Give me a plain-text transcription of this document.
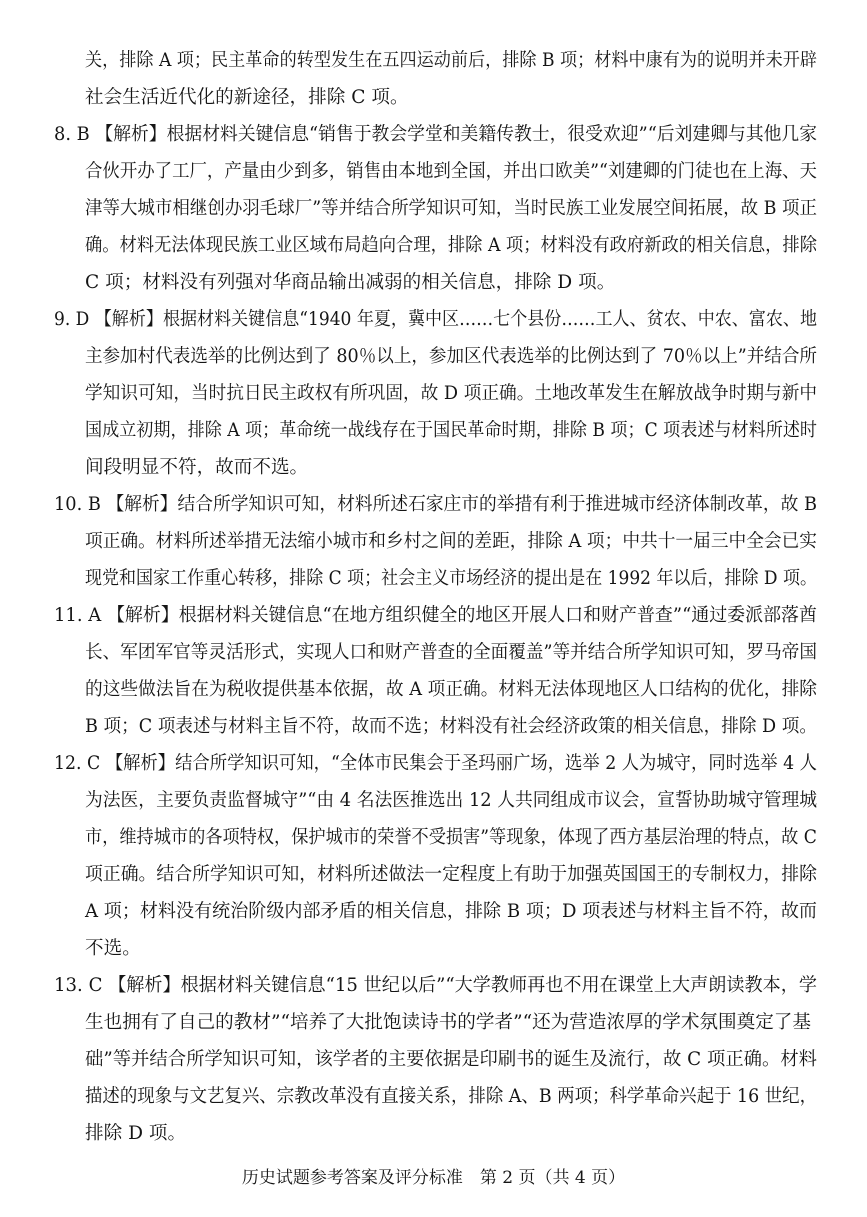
关，排除 A 项；民主革命的转型发生在五四运动前后，排除 B 项；材料中康有为的说明并未开辟
社会生活近代化的新途径，排除 C 项。
8. B 【解析】根据材料关键信息“销售于教会学堂和美籍传教士，很受欢迎”“后刘建卿与其他几家
合伙开办了工厂，产量由少到多，销售由本地到全国，并出口欧美”“刘建卿的门徒也在上海、天
津等大城市相继创办羽毛球厂”等并结合所学知识可知，当时民族工业发展空间拓展，故 B 项正
确。材料无法体现民族工业区域布局趋向合理，排除 A 项；材料没有政府新政的相关信息，排除
C 项；材料没有列强对华商品输出减弱的相关信息，排除 D 项。
9. D 【解析】根据材料关键信息“1940 年夏，冀中区……七个县份……工人、贫农、中农、富农、地
主参加村代表选举的比例达到了 80％以上，参加区代表选举的比例达到了 70％以上”并结合所
学知识可知，当时抗日民主政权有所巩固，故 D 项正确。土地改革发生在解放战争时期与新中
国成立初期，排除 A 项；革命统一战线存在于国民革命时期，排除 B 项；C 项表述与材料所述时
间段明显不符，故而不选。
10. B 【解析】结合所学知识可知，材料所述石家庄市的举措有利于推进城市经济体制改革，故 B
项正确。材料所述举措无法缩小城市和乡村之间的差距，排除 A 项；中共十一届三中全会已实
现党和国家工作重心转移，排除 C 项；社会主义市场经济的提出是在 1992 年以后，排除 D 项。
11. A 【解析】根据材料关键信息“在地方组织健全的地区开展人口和财产普查”“通过委派部落酋
长、军团军官等灵活形式，实现人口和财产普查的全面覆盖”等并结合所学知识可知，罗马帝国
的这些做法旨在为税收提供基本依据，故 A 项正确。材料无法体现地区人口结构的优化，排除
B 项；C 项表述与材料主旨不符，故而不选；材料没有社会经济政策的相关信息，排除 D 项。
12. C 【解析】结合所学知识可知，“全体市民集会于圣玛丽广场，选举 2 人为城守，同时选举 4 人
为法医，主要负责监督城守”“由 4 名法医推选出 12 人共同组成市议会，宣誓协助城守管理城
市，维持城市的各项特权，保护城市的荣誉不受损害”等现象，体现了西方基层治理的特点，故 C
项正确。结合所学知识可知，材料所述做法一定程度上有助于加强英国国王的专制权力，排除
A 项；材料没有统治阶级内部矛盾的相关信息，排除 B 项；D 项表述与材料主旨不符，故而
不选。
13. C 【解析】根据材料关键信息“15 世纪以后”“大学教师再也不用在课堂上大声朗读教本，学
生也拥有了自己的教材”“培养了大批饱读诗书的学者”“还为营造浓厚的学术氛围奠定了基
础”等并结合所学知识可知，该学者的主要依据是印刷书的诞生及流行，故 C 项正确。材料
描述的现象与文艺复兴、宗教改革没有直接关系，排除 A、B 两项；科学革命兴起于 16 世纪，
排除 D 项。
历史试题参考答案及评分标准　第 2 页（共 4 页）
